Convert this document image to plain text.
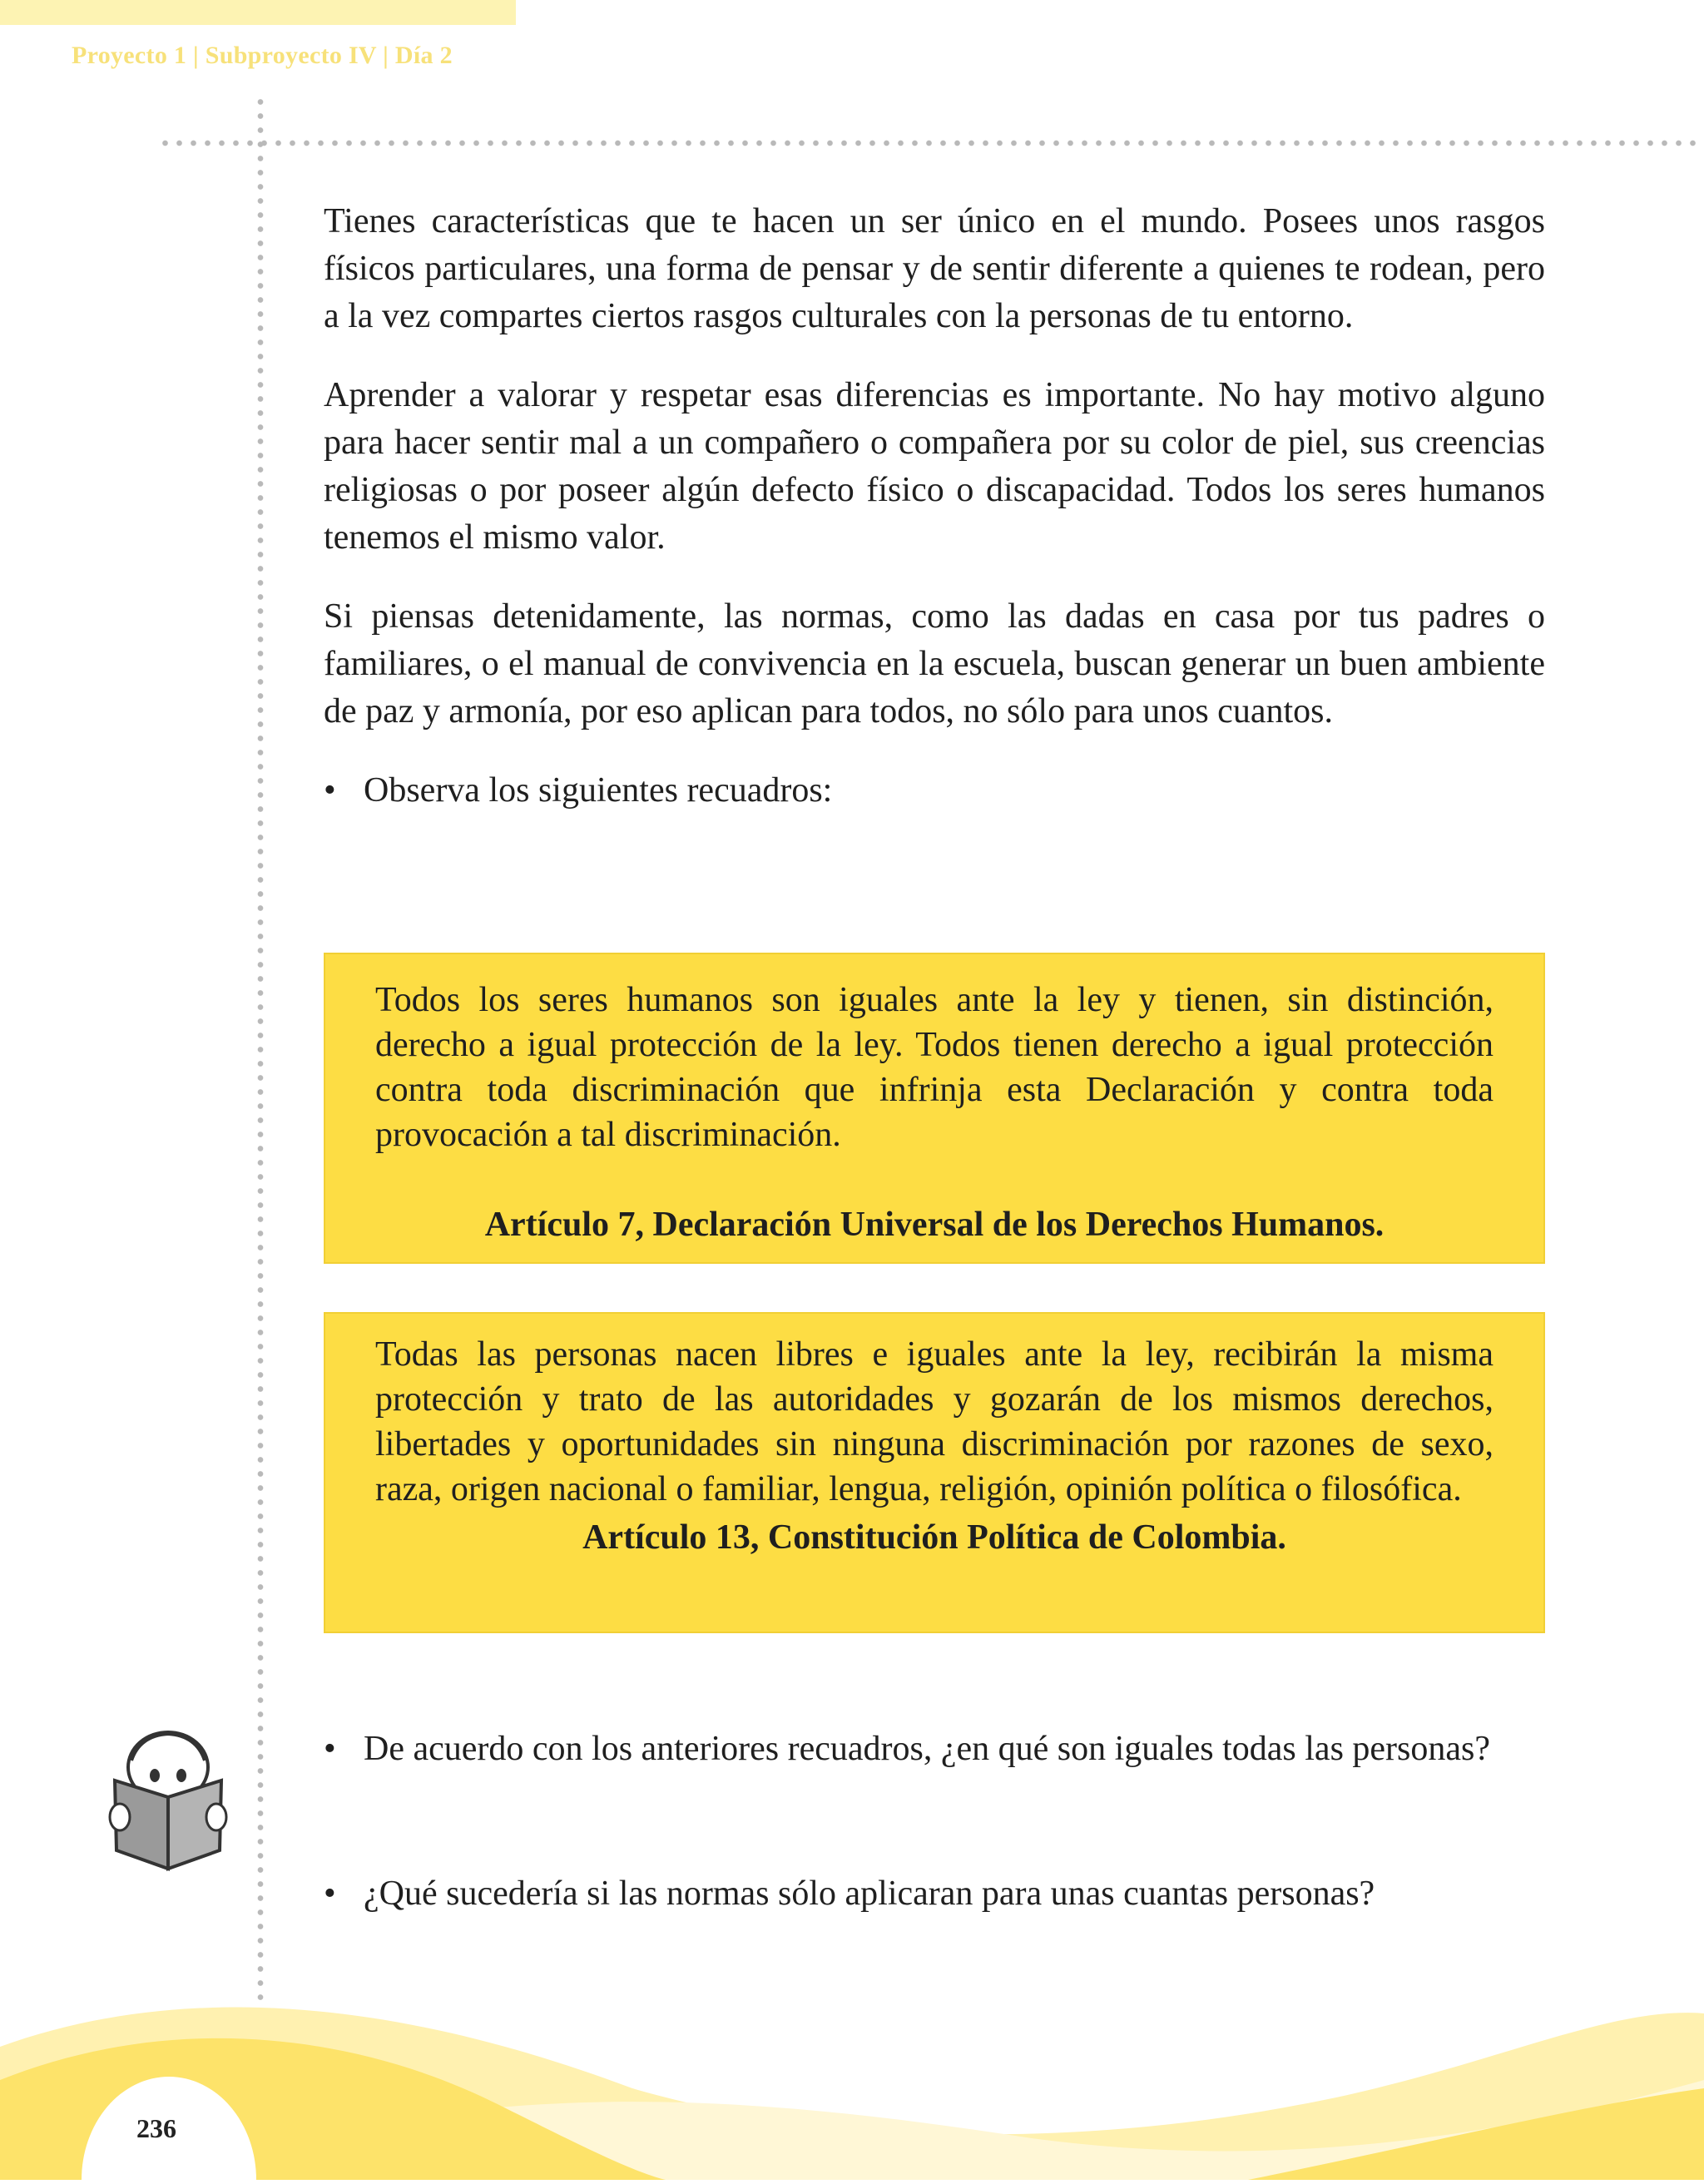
Proyecto 1 | Subproyecto IV | Día 2

Tienes características que te hacen un ser único en el mundo. Posees unos rasgos físicos particulares, una forma de pensar y de sentir diferente a quienes te rodean, pero a la vez compartes ciertos rasgos culturales con la personas de tu entorno.

Aprender a valorar y respetar esas diferencias es importante. No hay motivo alguno para hacer sentir mal a un compañero o compañera por su color de piel, sus creencias religiosas o por poseer algún defecto físico o discapacidad. Todos los seres humanos tenemos el mismo valor.

Si piensas detenidamente, las normas, como las dadas en casa por tus padres o familiares, o el manual de convivencia en la escuela, buscan generar un buen ambiente de paz y armonía, por eso aplican para todos, no sólo para unos cuantos.

• Observa los siguientes recuadros:
236
Todos los seres humanos son iguales ante la ley y tienen, sin distinción, derecho a igual protección de la ley. Todos tienen derecho a igual protección contra toda discriminación que infrinja esta Declaración y contra toda provocación a tal discriminación.
Artículo 7, Declaración Universal de los Derechos Humanos.
Todas las personas nacen libres e iguales ante la ley, recibirán la misma protección y trato de las autoridades y gozarán de los mismos derechos, libertades y oportunidades sin ninguna discriminación por razones de sexo, raza, origen nacional o familiar, lengua, religión, opinión política o filosófica.
Artículo 13, Constitución Política de Colombia.
• De acuerdo con los anteriores recuadros, ¿en qué son iguales todas las personas?
• ¿Qué sucedería si las normas sólo aplicaran para unas cuantas personas?
